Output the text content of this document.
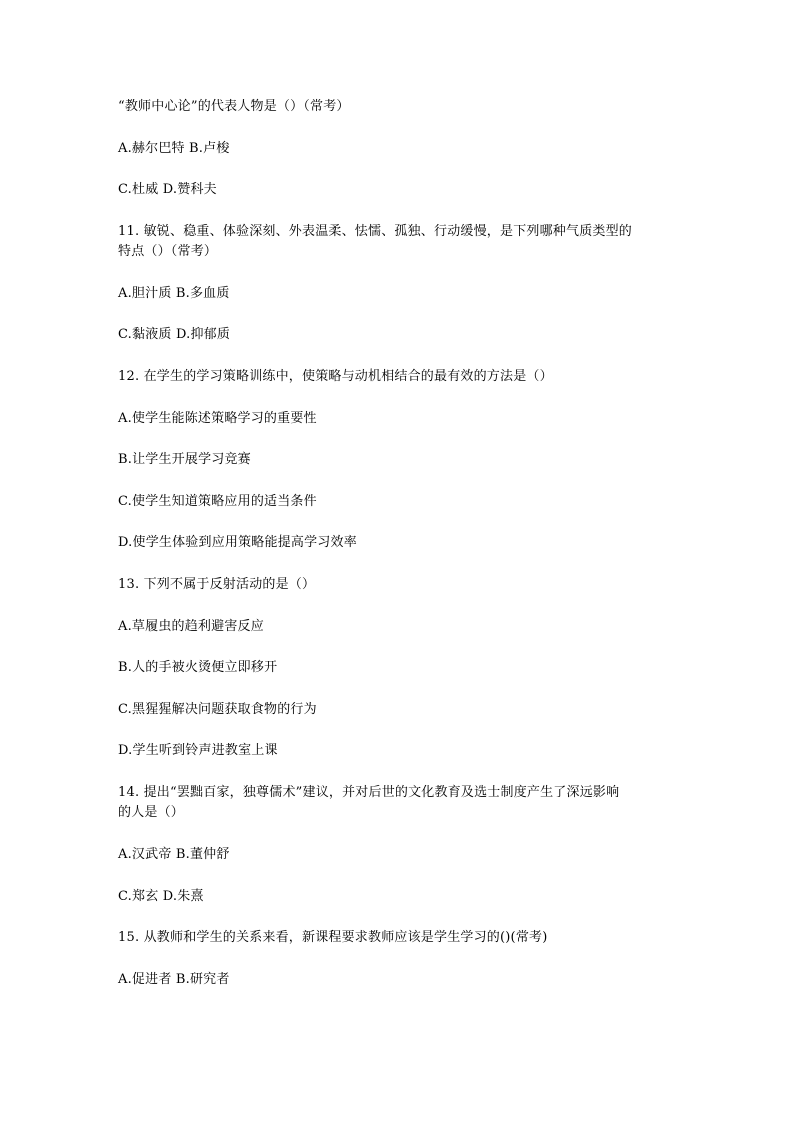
“教师中心论”的代表人物是（）（常考）
A.赫尔巴特 B.卢梭
C.杜威 D.赞科夫
11. 敏锐、稳重、体验深刻、外表温柔、怯懦、孤独、行动缓慢，是下列哪种气质类型的
特点（）（常考）
A.胆汁质 B.多血质
C.黏液质 D.抑郁质
12. 在学生的学习策略训练中，使策略与动机相结合的最有效的方法是（）
A.使学生能陈述策略学习的重要性
B.让学生开展学习竞赛
C.使学生知道策略应用的适当条件
D.使学生体验到应用策略能提高学习效率
13. 下列不属于反射活动的是（）
A.草履虫的趋利避害反应
B.人的手被火烫便立即移开
C.黑猩猩解决问题获取食物的行为
D.学生听到铃声进教室上课
14. 提出“罢黜百家，独尊儒术”建议，并对后世的文化教育及选士制度产生了深远影响
的人是（）
A.汉武帝 B.董仲舒
C.郑玄 D.朱熹
15. 从教师和学生的关系来看，新课程要求教师应该是学生学习的()(常考)
A.促进者 B.研究者
